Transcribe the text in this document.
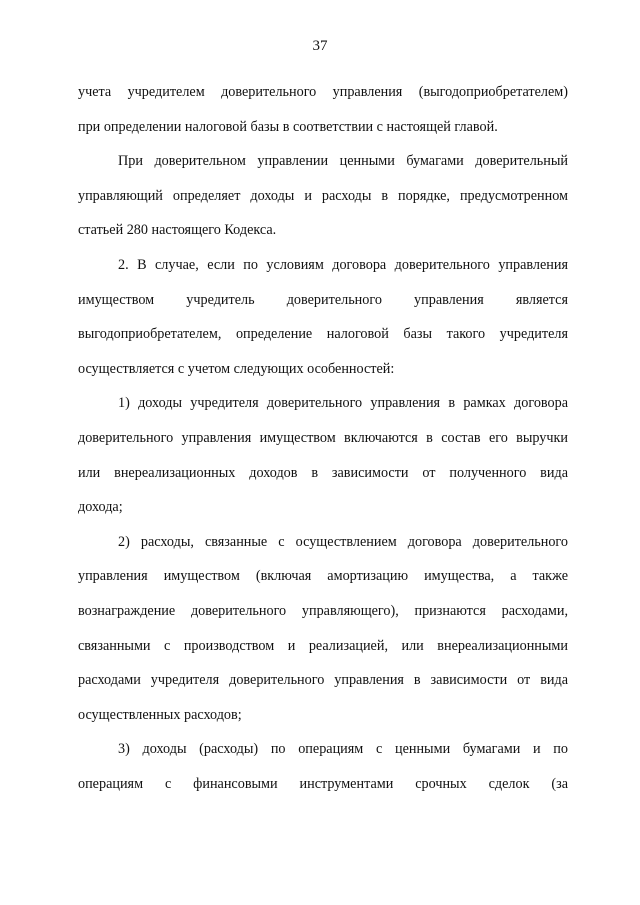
37
учета учредителем доверительного управления (выгодоприобретателем)
при определении налоговой базы в соответствии с настоящей главой.
При доверительном управлении ценными бумагами доверительный
управляющий определяет доходы и расходы в порядке, предусмотренном
статьей 280 настоящего Кодекса.
2. В случае, если по условиям договора доверительного управления
имуществом учредитель доверительного управления является
выгодоприобретателем, определение налоговой базы такого учредителя
осуществляется с учетом следующих особенностей:
1) доходы учредителя доверительного управления в рамках договора
доверительного управления имуществом включаются в состав его выручки
или внереализационных доходов в зависимости от полученного вида
дохода;
2) расходы, связанные с осуществлением договора доверительного
управления имуществом (включая амортизацию имущества, а также
вознаграждение доверительного управляющего), признаются расходами,
связанными с производством и реализацией, или внереализационными
расходами учредителя доверительного управления в зависимости от вида
осуществленных расходов;
3) доходы (расходы) по операциям с ценными бумагами и по
операциям с финансовыми инструментами срочных сделок (за
